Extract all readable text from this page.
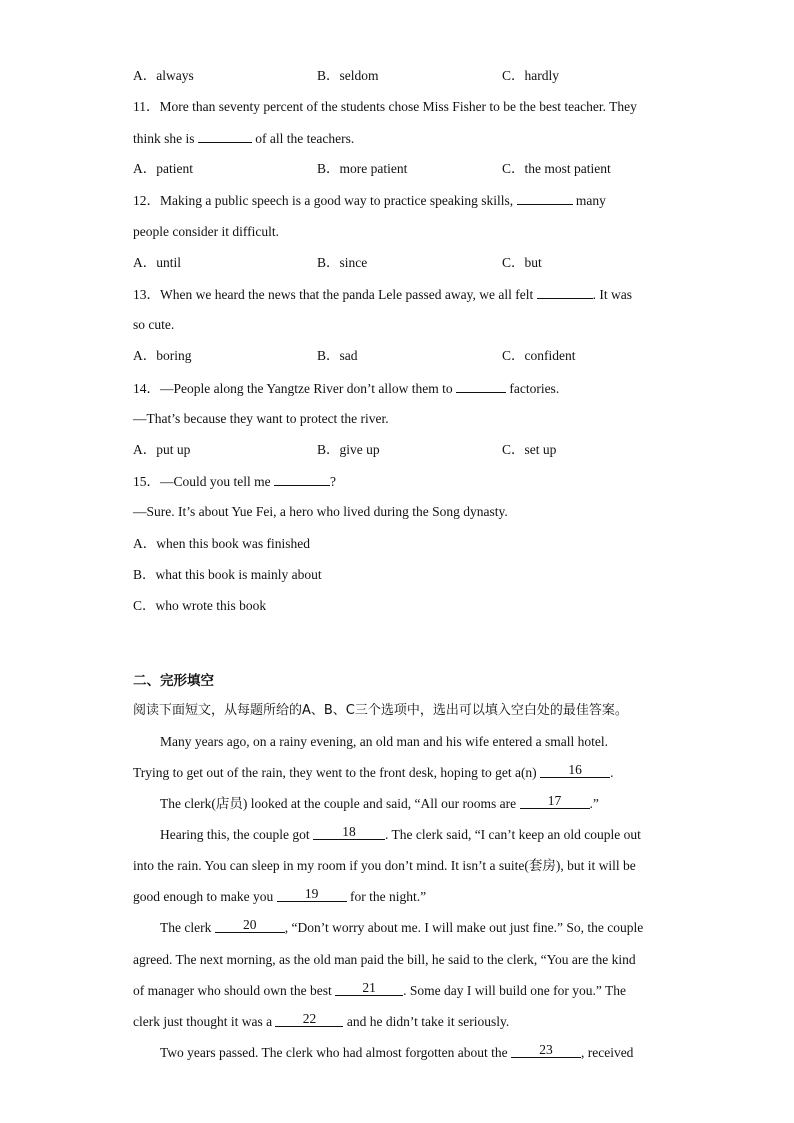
A．always	B．seldom	C．hardly
11．More than seventy percent of the students chose Miss Fisher to be the best teacher. They
think she is	of all the teachers.
A．patient	B．more patient	C．the most patient
12．Making a public speech is a good way to practice speaking skills,	many
people consider it difficult.
A．until	B．since	C．but
13．When we heard the news that the panda Lele passed away, we all felt	. It was
so cute.
A．boring	B．sad	C．confident
14．—People along the Yangtze River don’t allow them to	factories.
—That’s because they want to protect the river.
A．put up	B．give up	C．set up
15．—Could you tell me	?
—Sure. It’s about Yue Fei, a hero who lived during the Song dynasty.
A．when this book was finished
B．what this book is mainly about
C．who wrote this book
二、完形填空
阅读下面短文，从每题所给的A、B、C三个选项中，选出可以填入空白处的最佳答案。
Many years ago, on a rainy evening, an old man and his wife entered a small hotel.
Trying to get out of the rain, they went to the front desk, hoping to get a(n) 16 .
The clerk(店员) looked at the couple and said, “All our rooms are 17 .”
Hearing this, the couple got 18 . The clerk said, “I can’t keep an old couple out
into the rain. You can sleep in my room if you don’t mind. It isn’t a suite(套房), but it will be
good enough to make you 19 for the night.”
The clerk 20 , “Don’t worry about me. I will make out just fine.” So, the couple
agreed. The next morning, as the old man paid the bill, he said to the clerk, “You are the kind
of manager who should own the best 21 . Some day I will build one for you.” The
clerk just thought it was a 22 and he didn’t take it seriously.
Two years passed. The clerk who had almost forgotten about the 23 , received
